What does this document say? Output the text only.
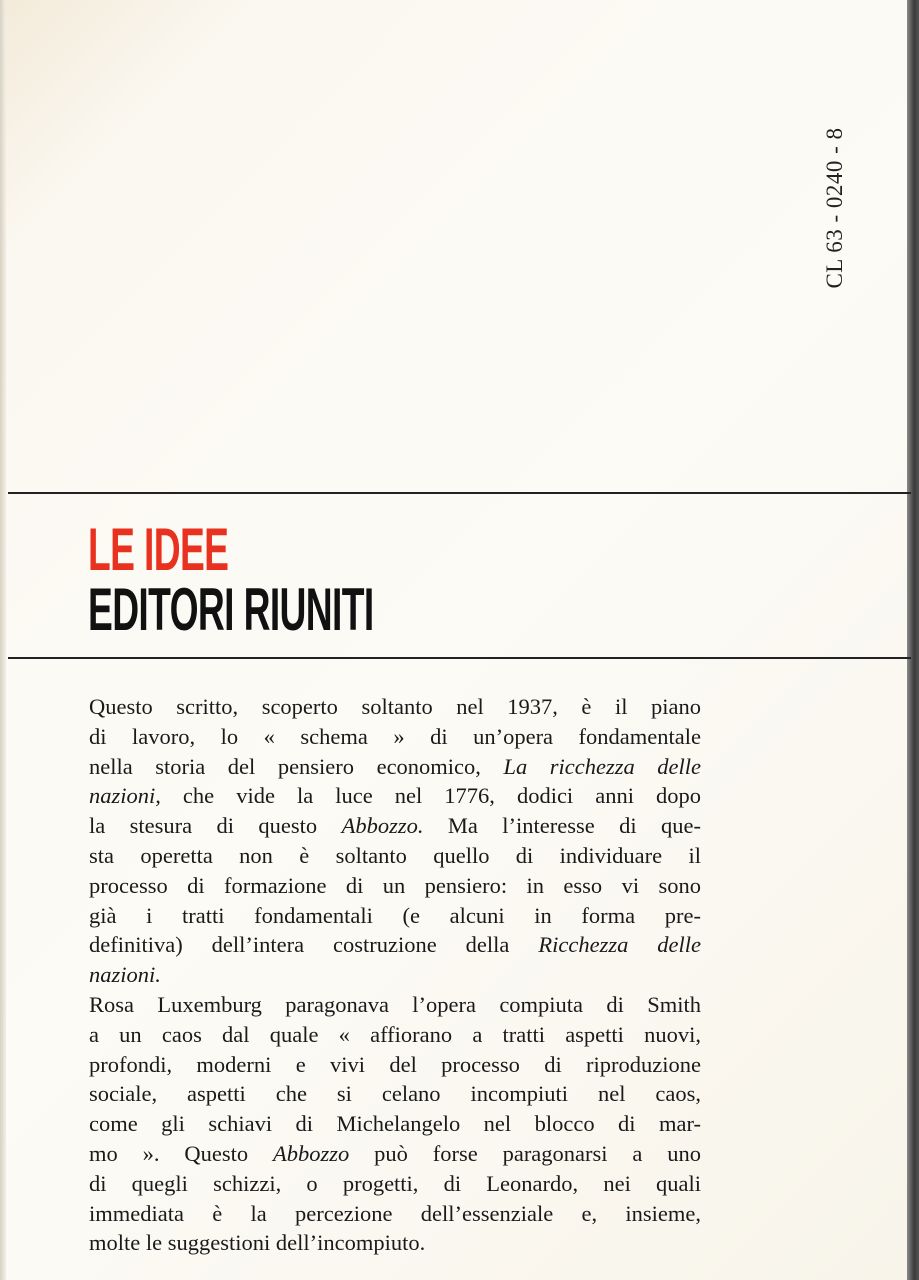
CL 63 - 0240 - 8
LE IDEE
EDITORI RIUNITI
Questo scritto, scoperto soltanto nel 1937, è il piano
di lavoro, lo « schema » di un’opera fondamentale
nella storia del pensiero economico, La ricchezza delle
nazioni, che vide la luce nel 1776, dodici anni dopo
la stesura di questo Abbozzo. Ma l’interesse di que-
sta operetta non è soltanto quello di individuare il
processo di formazione di un pensiero: in esso vi sono
già i tratti fondamentali (e alcuni in forma pre-
definitiva) dell’intera costruzione della Ricchezza delle
nazioni.
Rosa Luxemburg paragonava l’opera compiuta di Smith
a un caos dal quale « affiorano a tratti aspetti nuovi,
profondi, moderni e vivi del processo di riproduzione
sociale, aspetti che si celano incompiuti nel caos,
come gli schiavi di Michelangelo nel blocco di mar-
mo ». Questo Abbozzo può forse paragonarsi a uno
di quegli schizzi, o progetti, di Leonardo, nei quali
immediata è la percezione dell’essenziale e, insieme,
molte le suggestioni dell’incompiuto.
